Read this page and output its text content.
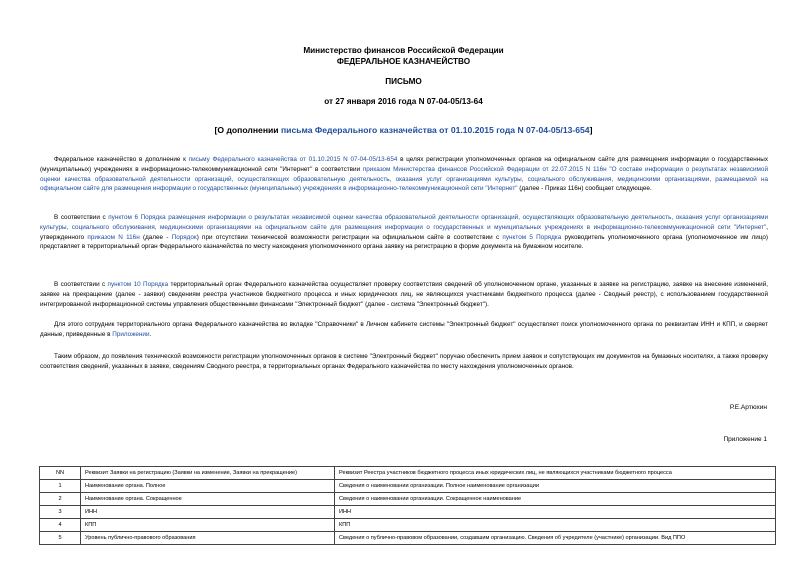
Министерство финансов Российской Федерации
ФЕДЕРАЛЬНОЕ КАЗНАЧЕЙСТВО
ПИСЬМО
от 27 января 2016 года N 07-04-05/13-64
[О дополнении письма Федерального казначейства от 01.10.2015 года N 07-04-05/13-654]

Федеральное казначейство в дополнение к письму Федерального казначейства от 01.10.2015 N 07-04-05/13-654 в целях регистрации уполномоченных органов на официальном сайте для размещения информации о государственных (муниципальных) учреждениях в информационно-телекоммуникационной сети "Интернет" в соответствии приказом Министерства финансов Российской Федерации от 22.07.2015 N 116н "О составе информации о результатах независимой оценки качества образовательной деятельности организаций, осуществляющих образовательную деятельность, оказания услуг организациями культуры, социального обслуживания, медицинскими организациями, размещаемой на официальном сайте для размещения информации о государственных (муниципальных) учреждениях в информационно-телекоммуникационной сети "Интернет" (далее - Приказ 116н) сообщает следующее.

В соответствии с пунктом 6 Порядка размещения информации о результатах независимой оценки качества образовательной деятельности организаций, осуществляющих образовательную деятельность, оказания услуг организациями культуры, социального обслуживания, медицинскими организациями на официальном сайте для размещения информации о государственных и муниципальных учреждениях в информационно-телекоммуникационной сети "Интернет", утвержденного приказом N 116н (далее - Порядок) при отсутствии технической возможности регистрации на официальном сайте в соответствии с пунктом 5 Порядка руководитель уполномоченного органа (уполномоченное им лицо) представляет в территориальный орган Федерального казначейства по месту нахождения уполномоченного органа заявку на регистрацию в форме документа на бумажном носителе.

В соответствии с пунктом 10 Порядка территориальный орган Федерального казначейства осуществляет проверку соответствия сведений об уполномоченном органе, указанных в заявке на регистрацию, заявке на внесение изменений, заявке на прекращение (далее - заявки) сведениям реестра участников бюджетного процесса и иных юридических лиц, не являющихся участниками бюджетного процесса (далее - Сводный реестр), с использованием государственной интегрированной информационной системы управления общественными финансами "Электронный бюджет" (далее - система "Электронный бюджет").

Для этого сотрудник территориального органа Федерального казначейства во вкладке "Справочники" в Личном кабинете системы "Электронный бюджет" осуществляет поиск уполномоченного органа по реквизитам ИНН и КПП, и сверяет данные, приведенные в Приложении.

Таким образом, до появления технической возможности регистрации уполномоченных органов в системе "Электронный бюджет" поручаю обеспечить прием заявок и сопутствующих им документов на бумажных носителях, а также проверку соответствия сведений, указанных в заявке, сведениям Сводного реестра, в территориальных органах Федерального казначейства по месту нахождения уполномоченных органов.

Р.Е.Артюхин
Приложение 1
NN	Реквизит Заявки на регистрацию (Заявки на изменение, Заявки на прекращение)	Реквизит Реестра участников бюджетного процесса иных юридических лиц, не являющихся участниками бюджетного процесса
1	Наименование органа. Полное	Сведения о наименовании организации. Полное наименование организации
2	Наименование органа. Сокращенное	Сведения о наименовании организации. Сокращенное наименование
3	ИНН	ИНН
4	КПП	КПП
5	Уровень публично-правового образования	Сведения о публично-правовом образовании, создавшим организацию. Сведения об учредителе (участнике) организации. Вид ППО
